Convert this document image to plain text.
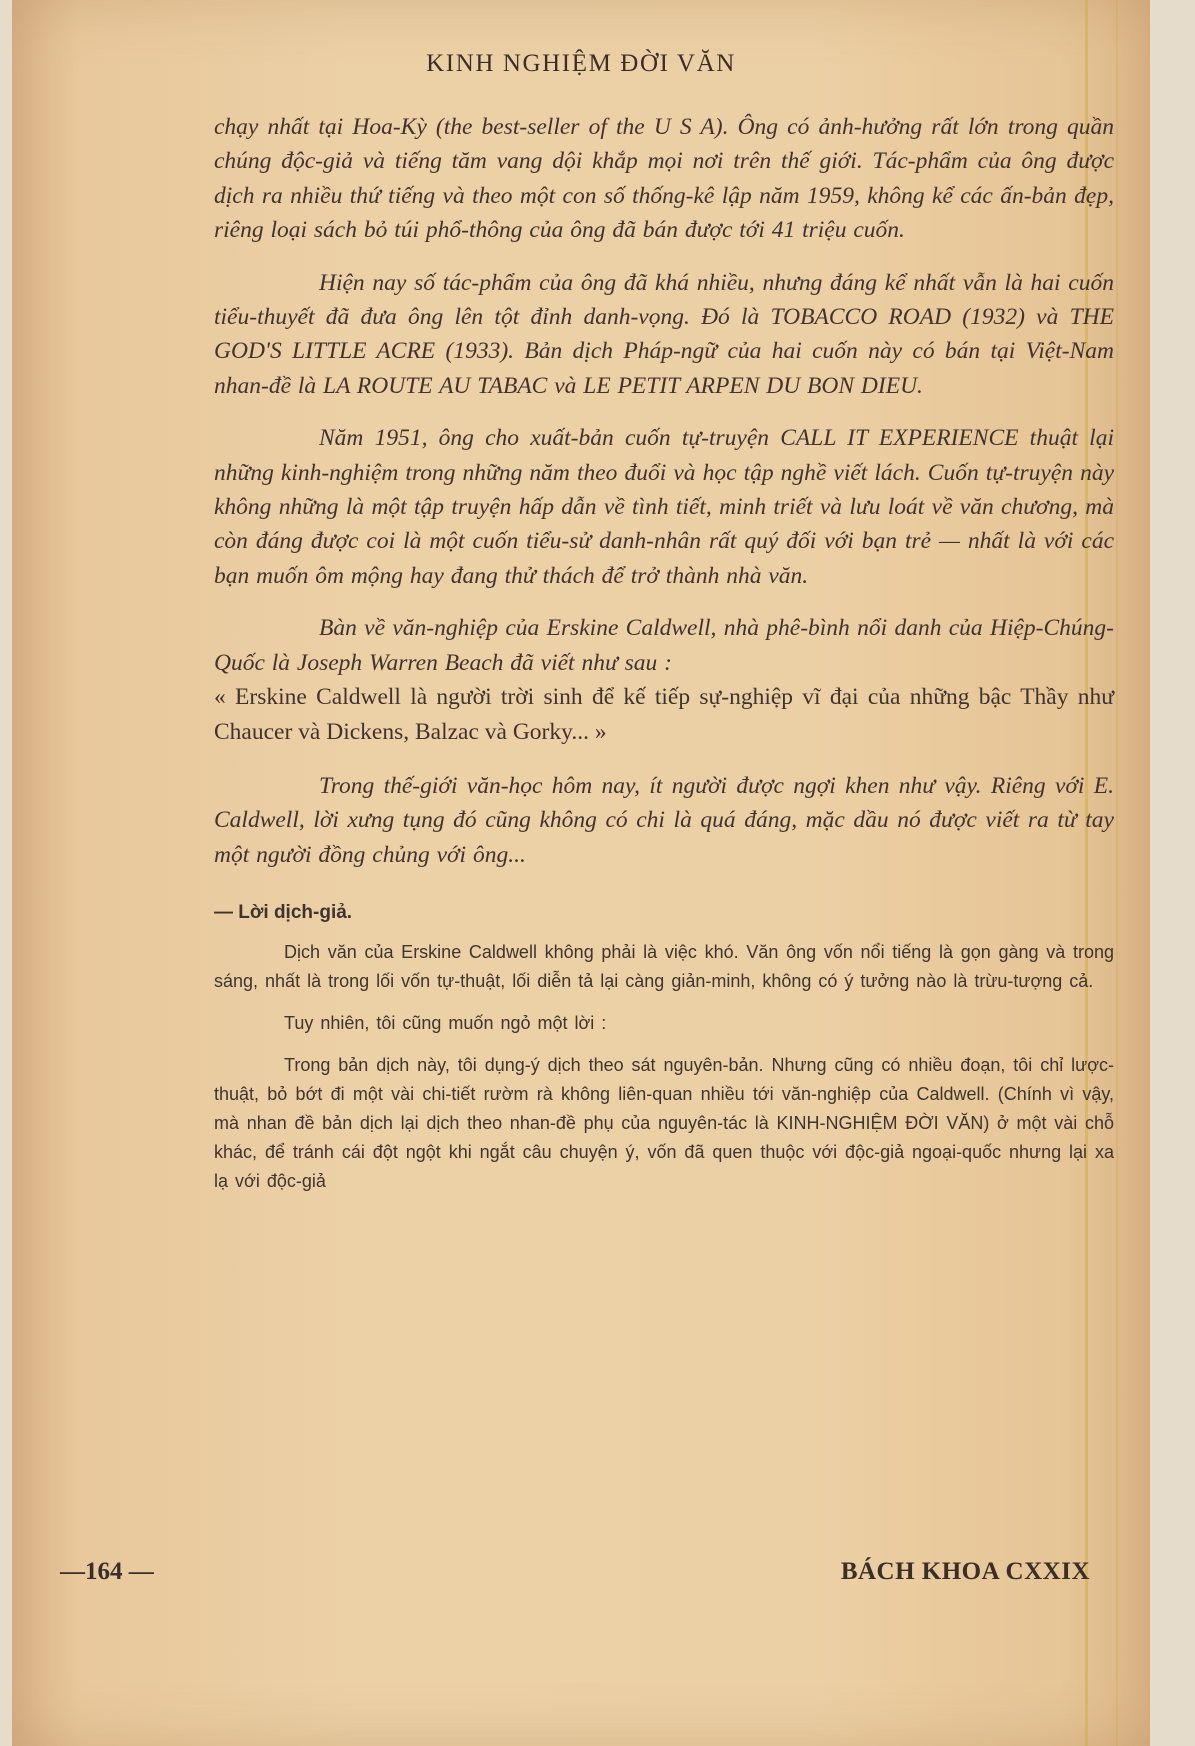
KINH NGHIỆM ĐỜI VĂN

chạy nhất tại Hoa-Kỳ (the best-seller of the U S A). Ông có ảnh-hưởng rất lớn trong quần chúng độc-giả và tiếng tăm vang dội khắp mọi nơi trên thế giới. Tác-phẩm của ông được dịch ra nhiều thứ tiếng và theo một con số thống-kê lập năm 1959, không kể các ấn-bản đẹp, riêng loại sách bỏ túi phổ-thông của ông đã bán được tới 41 triệu cuốn.

Hiện nay số tác-phẩm của ông đã khá nhiều, nhưng đáng kể nhất vẫn là hai cuốn tiểu-thuyết đã đưa ông lên tột đỉnh danh-vọng. Đó là TOBACCO ROAD (1932) và THE GOD'S LITTLE ACRE (1933). Bản dịch Pháp-ngữ của hai cuốn này có bán tại Việt-Nam nhan-đề là LA ROUTE AU TABAC và LE PETIT ARPEN DU BON DIEU.

Năm 1951, ông cho xuất-bản cuốn tự-truyện CALL IT EXPERIENCE thuật lại những kinh-nghiệm trong những năm theo đuổi và học tập nghề viết lách. Cuốn tự-truyện này không những là một tập truyện hấp dẫn về tình tiết, minh triết và lưu loát về văn chương, mà còn đáng được coi là một cuốn tiểu-sử danh-nhân rất quý đối với bạn trẻ — nhất là với các bạn muốn ôm mộng hay đang thử thách để trở thành nhà văn.

Bàn về văn-nghiệp của Erskine Caldwell, nhà phê-bình nổi danh của Hiệp-Chúng-Quốc là Joseph Warren Beach đã viết như sau :

« Erskine Caldwell là người trời sinh để kế tiếp sự-nghiệp vĩ đại của những bậc Thầy như Chaucer và Dickens, Balzac và Gorky... »

Trong thế-giới văn-học hôm nay, ít người được ngợi khen như vậy. Riêng với E. Caldwell, lời xưng tụng đó cũng không có chi là quá đáng, mặc dầu nó được viết ra từ tay một người đồng chủng với ông...

— Lời dịch-giả.

Dịch văn của Erskine Caldwell không phải là việc khó. Văn ông vốn nổi tiếng là gọn gàng và trong sáng, nhất là trong lối vốn tự-thuật, lối diễn tả lại càng giản-minh, không có ý tưởng nào là trừu-tượng cả.

Tuy nhiên, tôi cũng muốn ngỏ một lời :

Trong bản dịch này, tôi dụng-ý dịch theo sát nguyên-bản. Nhưng cũng có nhiều đoạn, tôi chỉ lược-thuật, bỏ bớt đi một vài chi-tiết rườm rà không liên-quan nhiều tới văn-nghiệp của Caldwell. (Chính vì vậy, mà nhan đề bản dịch lại dịch theo nhan-đề phụ của nguyên-tác là KINH-NGHIỆM ĐỜI VĂN) ở một vài chỗ khác, để tránh cái đột ngột khi ngắt câu chuyện ý, vốn đã quen thuộc với độc-giả ngoại-quốc nhưng lại xa lạ với độc-giả

—164 —	BÁCH KHOA CXXIX
